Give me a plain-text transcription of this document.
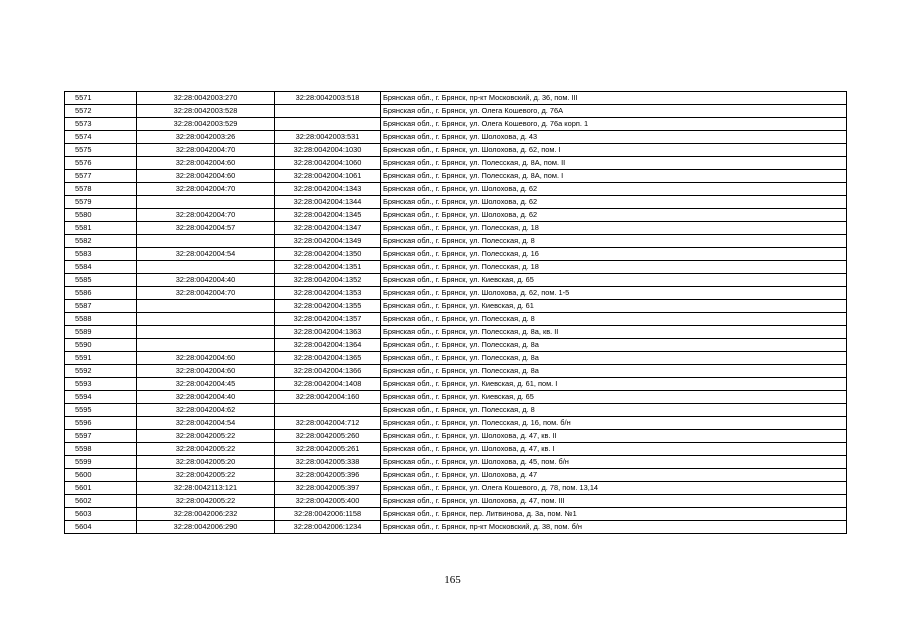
5571	32:28:0042003:270	32:28:0042003:518	Брянская обл., г. Брянск, пр-кт Московский, д. 36, пом. III
5572	32:28:0042003:528		Брянская обл., г. Брянск, ул. Олега Кошевого, д. 76А
5573	32:28:0042003:529		Брянская обл., г. Брянск, ул. Олега Кошевого, д. 76а корп. 1
5574	32:28:0042003:26	32:28:0042003:531	Брянская обл., г. Брянск, ул. Шолохова, д. 43
5575	32:28:0042004:70	32:28:0042004:1030	Брянская обл., г. Брянск, ул. Шолохова, д. 62, пом. I
5576	32:28:0042004:60	32:28:0042004:1060	Брянская обл., г. Брянск, ул. Полесская, д. 8А, пом. II
5577	32:28:0042004:60	32:28:0042004:1061	Брянская обл., г. Брянск, ул. Полесская, д. 8А, пом. I
5578	32:28:0042004:70	32:28:0042004:1343	Брянская обл., г. Брянск, ул. Шолохова, д. 62
5579		32:28:0042004:1344	Брянская обл., г. Брянск, ул. Шолохова, д. 62
5580	32:28:0042004:70	32:28:0042004:1345	Брянская обл., г. Брянск, ул. Шолохова, д. 62
5581	32:28:0042004:57	32:28:0042004:1347	Брянская обл., г. Брянск, ул. Полесская, д. 18
5582		32:28:0042004:1349	Брянская обл., г. Брянск, ул. Полесская, д. 8
5583	32:28:0042004:54	32:28:0042004:1350	Брянская обл., г. Брянск, ул. Полесская, д. 16
5584		32:28:0042004:1351	Брянская обл., г. Брянск, ул. Полесская, д. 18
5585	32:28:0042004:40	32:28:0042004:1352	Брянская обл., г. Брянск, ул. Киевская, д. 65
5586	32:28:0042004:70	32:28:0042004:1353	Брянская обл., г. Брянск, ул. Шолохова, д. 62, пом. 1-5
5587		32:28:0042004:1355	Брянская обл., г. Брянск, ул. Киевская, д. 61
5588		32:28:0042004:1357	Брянская обл., г. Брянск, ул. Полесская, д. 8
5589		32:28:0042004:1363	Брянская обл., г. Брянск, ул. Полесская, д. 8а, кв. II
5590		32:28:0042004:1364	Брянская обл., г. Брянск, ул. Полесская, д. 8а
5591	32:28:0042004:60	32:28:0042004:1365	Брянская обл., г. Брянск, ул. Полесская, д. 8а
5592	32:28:0042004:60	32:28:0042004:1366	Брянская обл., г. Брянск, ул. Полесская, д. 8а
5593	32:28:0042004:45	32:28:0042004:1408	Брянская обл., г. Брянск, ул. Киевская, д. 61, пом. I
5594	32:28:0042004:40	32:28:0042004:160	Брянская обл., г. Брянск, ул. Киевская, д. 65
5595	32:28:0042004:62		Брянская обл., г. Брянск, ул. Полесская, д. 8
5596	32:28:0042004:54	32:28:0042004:712	Брянская обл., г. Брянск, ул. Полесская, д. 16, пом. б/н
5597	32:28:0042005:22	32:28:0042005:260	Брянская обл., г. Брянск, ул. Шолохова, д. 47, кв. II
5598	32:28:0042005:22	32:28:0042005:261	Брянская обл., г. Брянск, ул. Шолохова, д. 47, кв. I
5599	32:28:0042005:20	32:28:0042005:338	Брянская обл., г. Брянск, ул. Шолохова, д. 45, пом. б/н
5600	32:28:0042005:22	32:28:0042005:396	Брянская обл., г. Брянск, ул. Шолохова, д. 47
5601	32:28:0042113:121	32:28:0042005:397	Брянская обл., г. Брянск, ул. Олега Кошевого, д. 78, пом. 13,14
5602	32:28:0042005:22	32:28:0042005:400	Брянская обл., г. Брянск, ул. Шолохова, д. 47, пом. III
5603	32:28:0042006:232	32:28:0042006:1158	Брянская обл., г. Брянск, пер. Литвинова, д. 3а, пом. №1
5604	32:28:0042006:290	32:28:0042006:1234	Брянская обл., г. Брянск, пр-кт Московский, д. 38, пом. б/н
165
